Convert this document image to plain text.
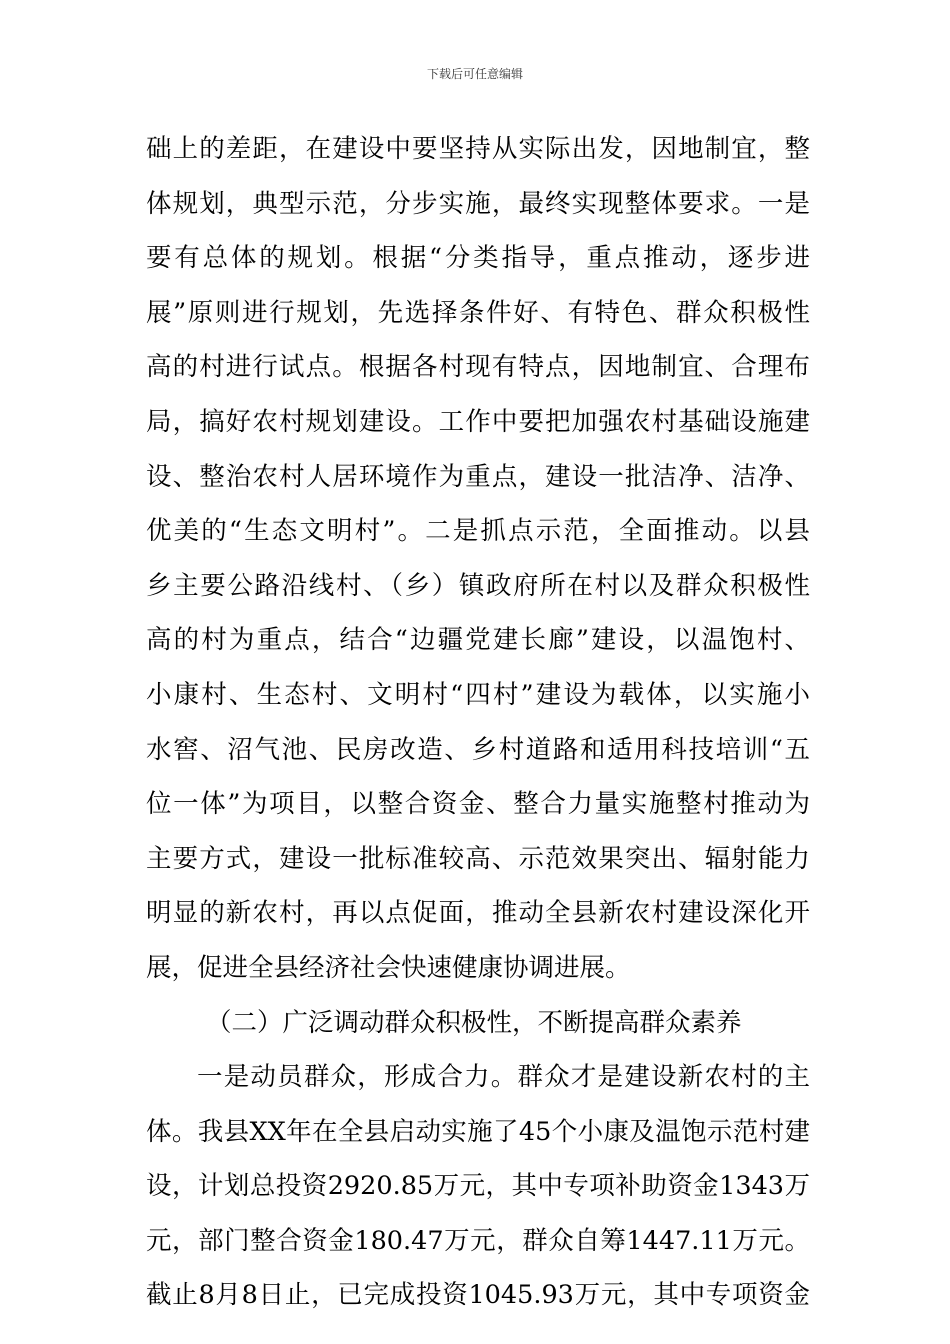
下载后可任意编辑
础上的差距，在建设中要坚持从实际出发，因地制宜，整
体规划，典型示范，分步实施，最终实现整体要求。一是
要有总体的规划。根据“分类指导，重点推动，逐步进
展”原则进行规划，先选择条件好、有特色、群众积极性
高的村进行试点。根据各村现有特点，因地制宜、合理布
局，搞好农村规划建设。工作中要把加强农村基础设施建
设、整治农村人居环境作为重点，建设一批洁净、洁净、
优美的“生态文明村”。二是抓点示范，全面推动。以县
乡主要公路沿线村、（乡）镇政府所在村以及群众积极性
高的村为重点，结合“边疆党建长廊”建设，以温饱村、
小康村、生态村、文明村“四村”建设为载体，以实施小
水窖、沼气池、民房改造、乡村道路和适用科技培训“五
位一体”为项目，以整合资金、整合力量实施整村推动为
主要方式，建设一批标准较高、示范效果突出、辐射能力
明显的新农村，再以点促面，推动全县新农村建设深化开
展，促进全县经济社会快速健康协调进展。
（二）广泛调动群众积极性，不断提高群众素养
一是动员群众，形成合力。群众才是建设新农村的主
体。我县XX年在全县启动实施了45个小康及温饱示范村建
设，计划总投资2920.85万元，其中专项补助资金1343万
元，部门整合资金180.47万元，群众自筹1447.11万元。
截止8月8日止，已完成投资1045.93万元，其中专项资金
